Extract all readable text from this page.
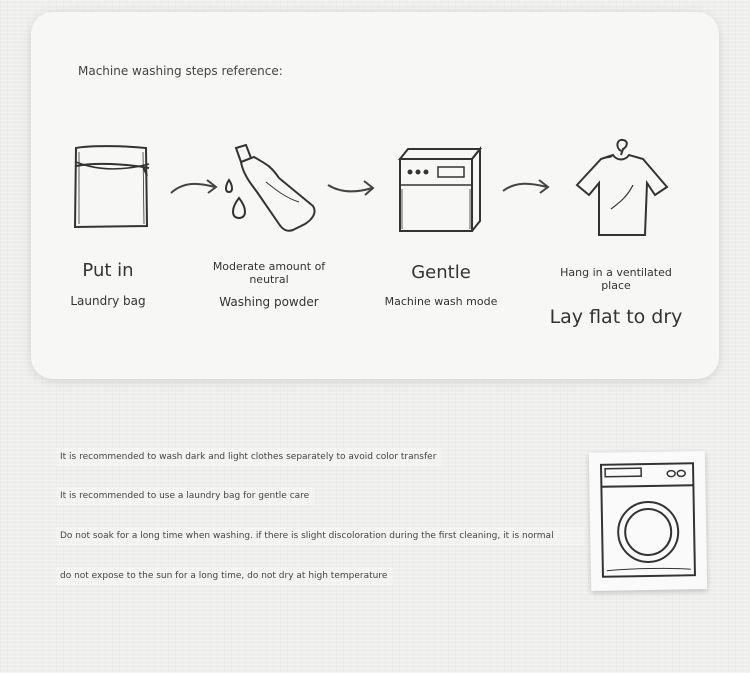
Machine washing steps reference:
Put in
Laundry bag
Moderate amount of neutral
Washing powder
Gentle
Machine wash mode
Hang in a ventilated place
Lay flat to dry
It is recommended to wash dark and light clothes separately to avoid color transfer
It is recommended to use a laundry bag for gentle care
Do not soak for a long time when washing. if there is slight discoloration during the first cleaning, it is normal
do not expose to the sun for a long time, do not dry at high temperature
